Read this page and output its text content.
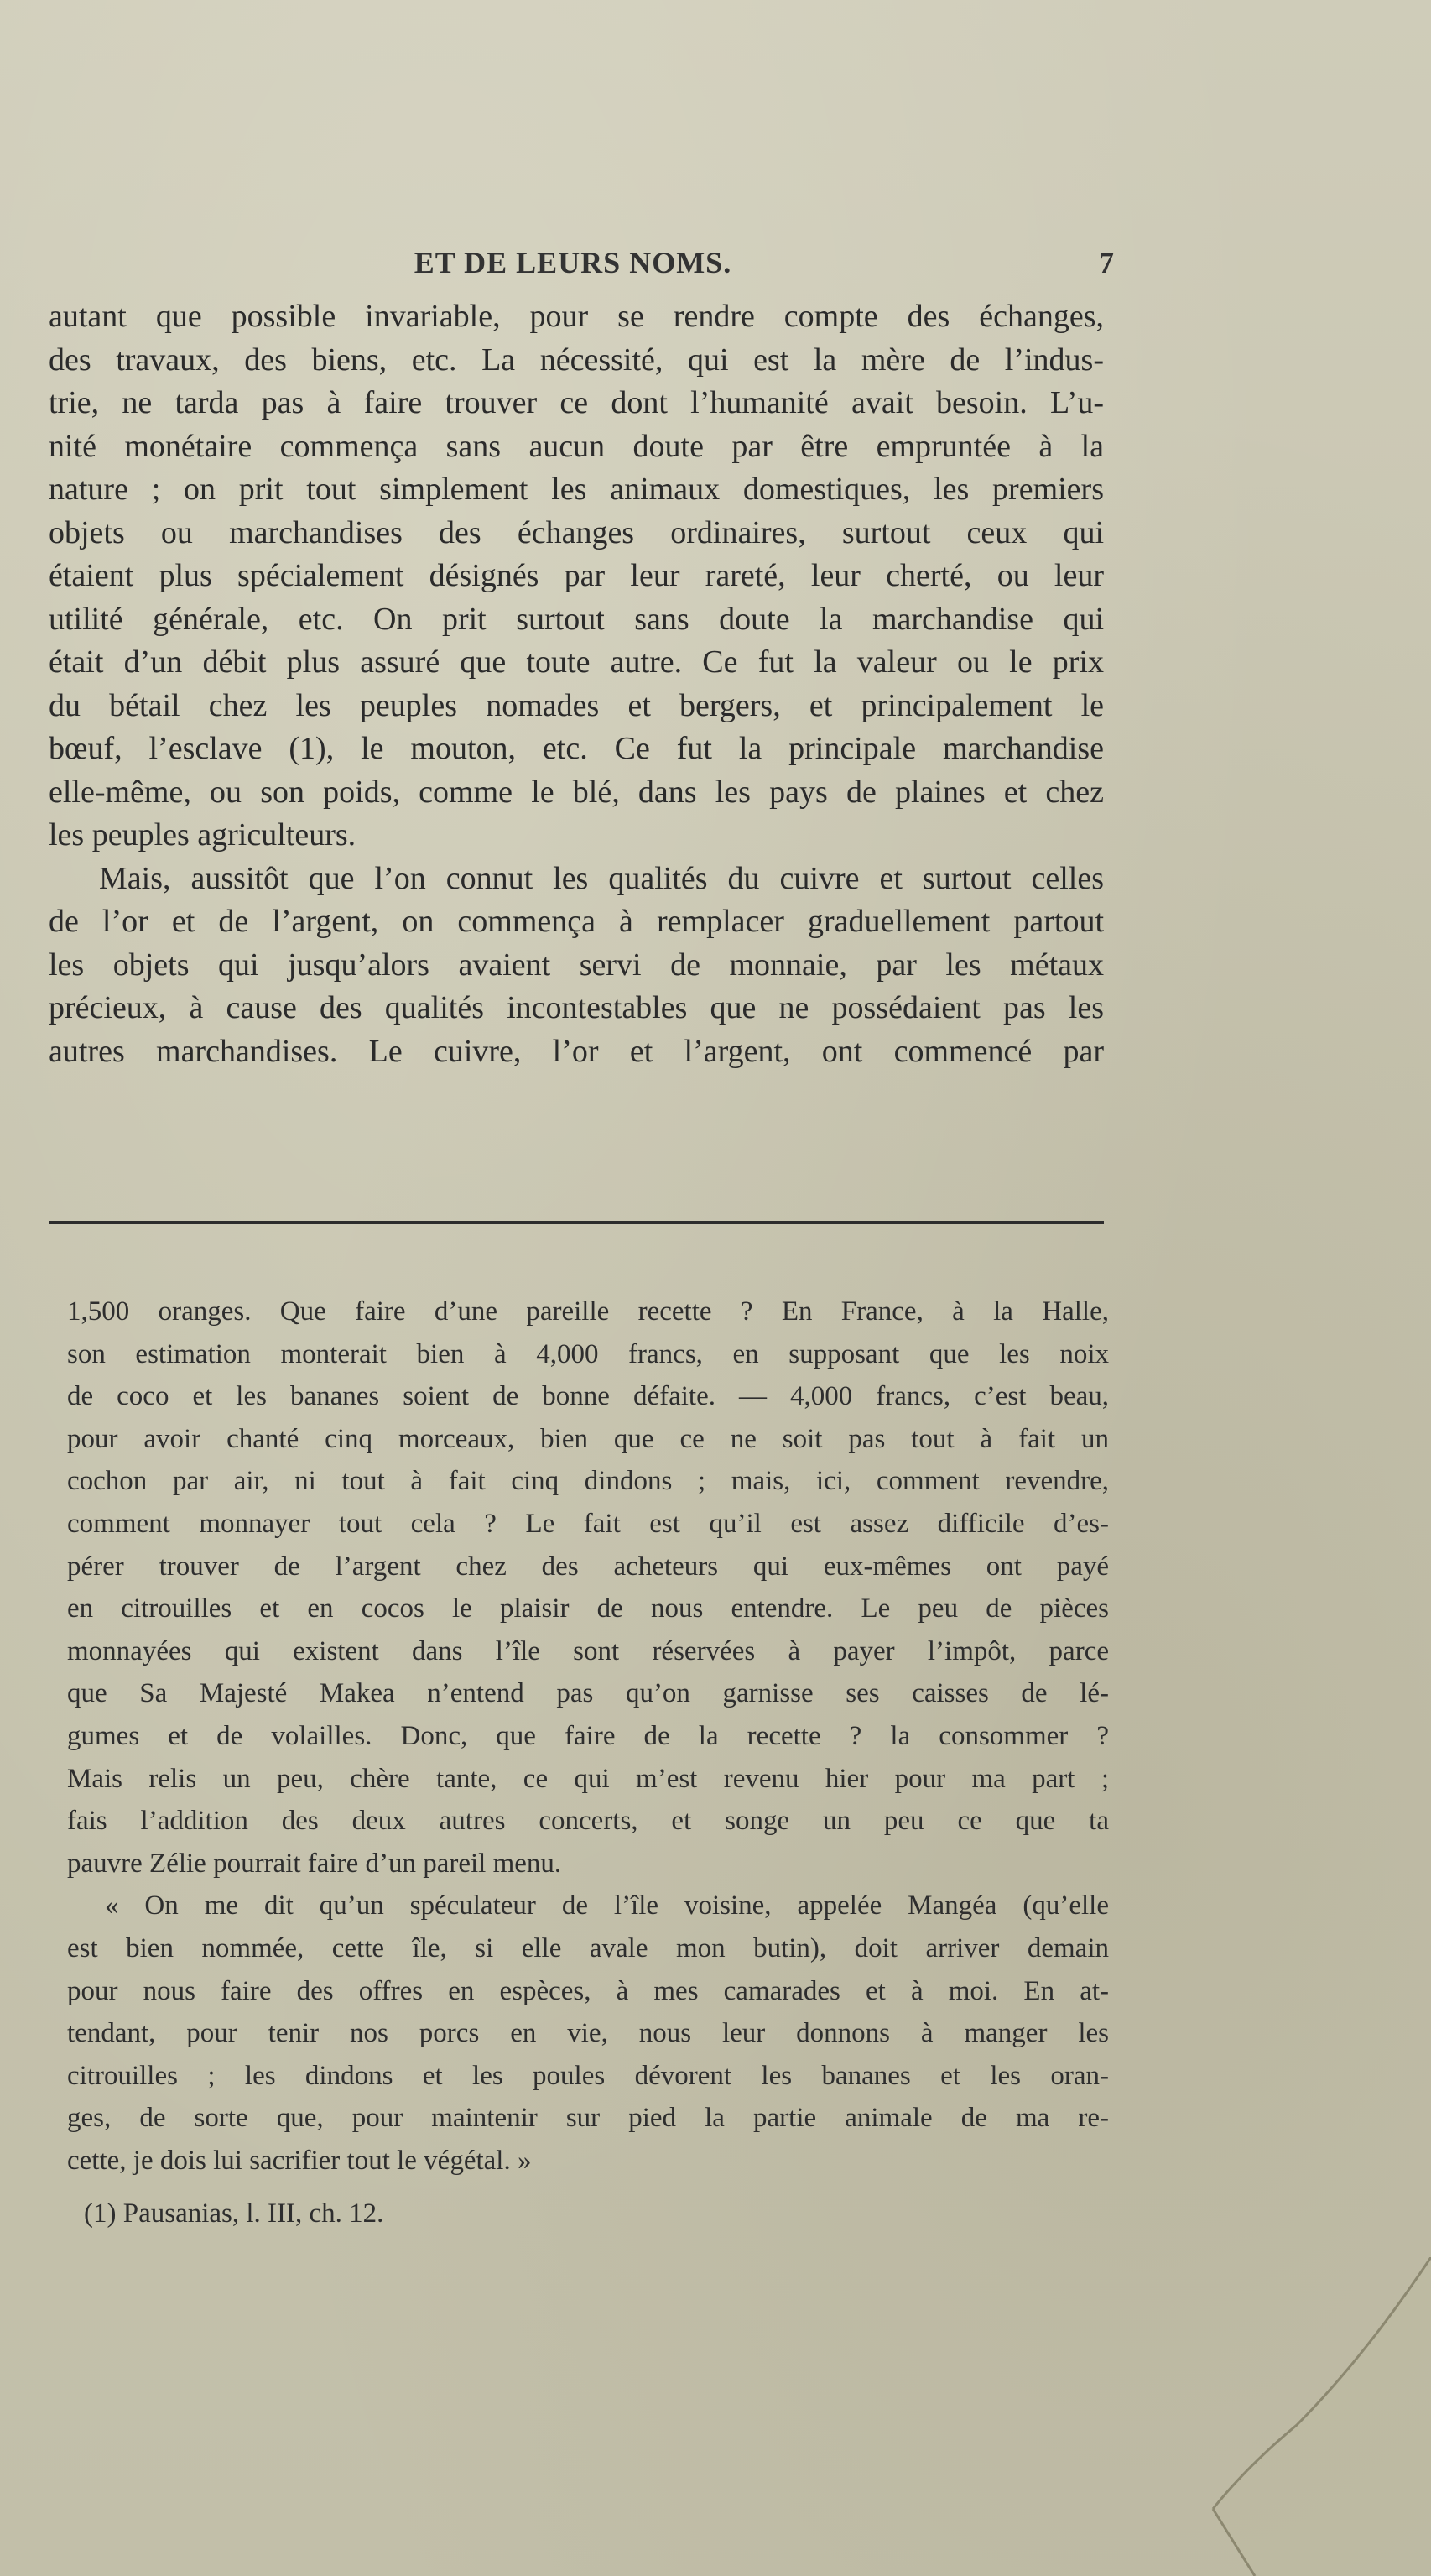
ET DE LEURS NOMS.	7
autant que possible invariable, pour se rendre compte des échanges,
des travaux, des biens, etc. La nécessité, qui est la mère de l’indus-
trie, ne tarda pas à faire trouver ce dont l’humanité avait besoin. L’u-
nité monétaire commença sans aucun doute par être empruntée à la
nature ; on prit tout simplement les animaux domestiques, les premiers
objets ou marchandises des échanges ordinaires, surtout ceux qui
étaient plus spécialement désignés par leur rareté, leur cherté, ou leur
utilité générale, etc. On prit surtout sans doute la marchandise qui
était d’un débit plus assuré que toute autre. Ce fut la valeur ou le prix
du bétail chez les peuples nomades et bergers, et principalement le
bœuf, l’esclave (1), le mouton, etc. Ce fut la principale marchandise
elle-même, ou son poids, comme le blé, dans les pays de plaines et chez
les peuples agriculteurs.
Mais, aussitôt que l’on connut les qualités du cuivre et surtout celles
de l’or et de l’argent, on commença à remplacer graduellement partout
les objets qui jusqu’alors avaient servi de monnaie, par les métaux
précieux, à cause des qualités incontestables que ne possédaient pas les
autres marchandises. Le cuivre, l’or et l’argent, ont commencé par
1,500 oranges. Que faire d’une pareille recette ? En France, à la Halle,
son estimation monterait bien à 4,000 francs, en supposant que les noix
de coco et les bananes soient de bonne défaite. — 4,000 francs, c’est beau,
pour avoir chanté cinq morceaux, bien que ce ne soit pas tout à fait un
cochon par air, ni tout à fait cinq dindons ; mais, ici, comment revendre,
comment monnayer tout cela ? Le fait est qu’il est assez difficile d’es-
pérer trouver de l’argent chez des acheteurs qui eux-mêmes ont payé
en citrouilles et en cocos le plaisir de nous entendre. Le peu de pièces
monnayées qui existent dans l’île sont réservées à payer l’impôt, parce
que Sa Majesté Makea n’entend pas qu’on garnisse ses caisses de lé-
gumes et de volailles. Donc, que faire de la recette ? la consommer ?
Mais relis un peu, chère tante, ce qui m’est revenu hier pour ma part ;
fais l’addition des deux autres concerts, et songe un peu ce que ta
pauvre Zélie pourrait faire d’un pareil menu.
« On me dit qu’un spéculateur de l’île voisine, appelée Mangéa (qu’elle
est bien nommée, cette île, si elle avale mon butin), doit arriver demain
pour nous faire des offres en espèces, à mes camarades et à moi. En at-
tendant, pour tenir nos porcs en vie, nous leur donnons à manger les
citrouilles ; les dindons et les poules dévorent les bananes et les oran-
ges, de sorte que, pour maintenir sur pied la partie animale de ma re-
cette, je dois lui sacrifier tout le végétal. »
(1) Pausanias, l. III, ch. 12.
